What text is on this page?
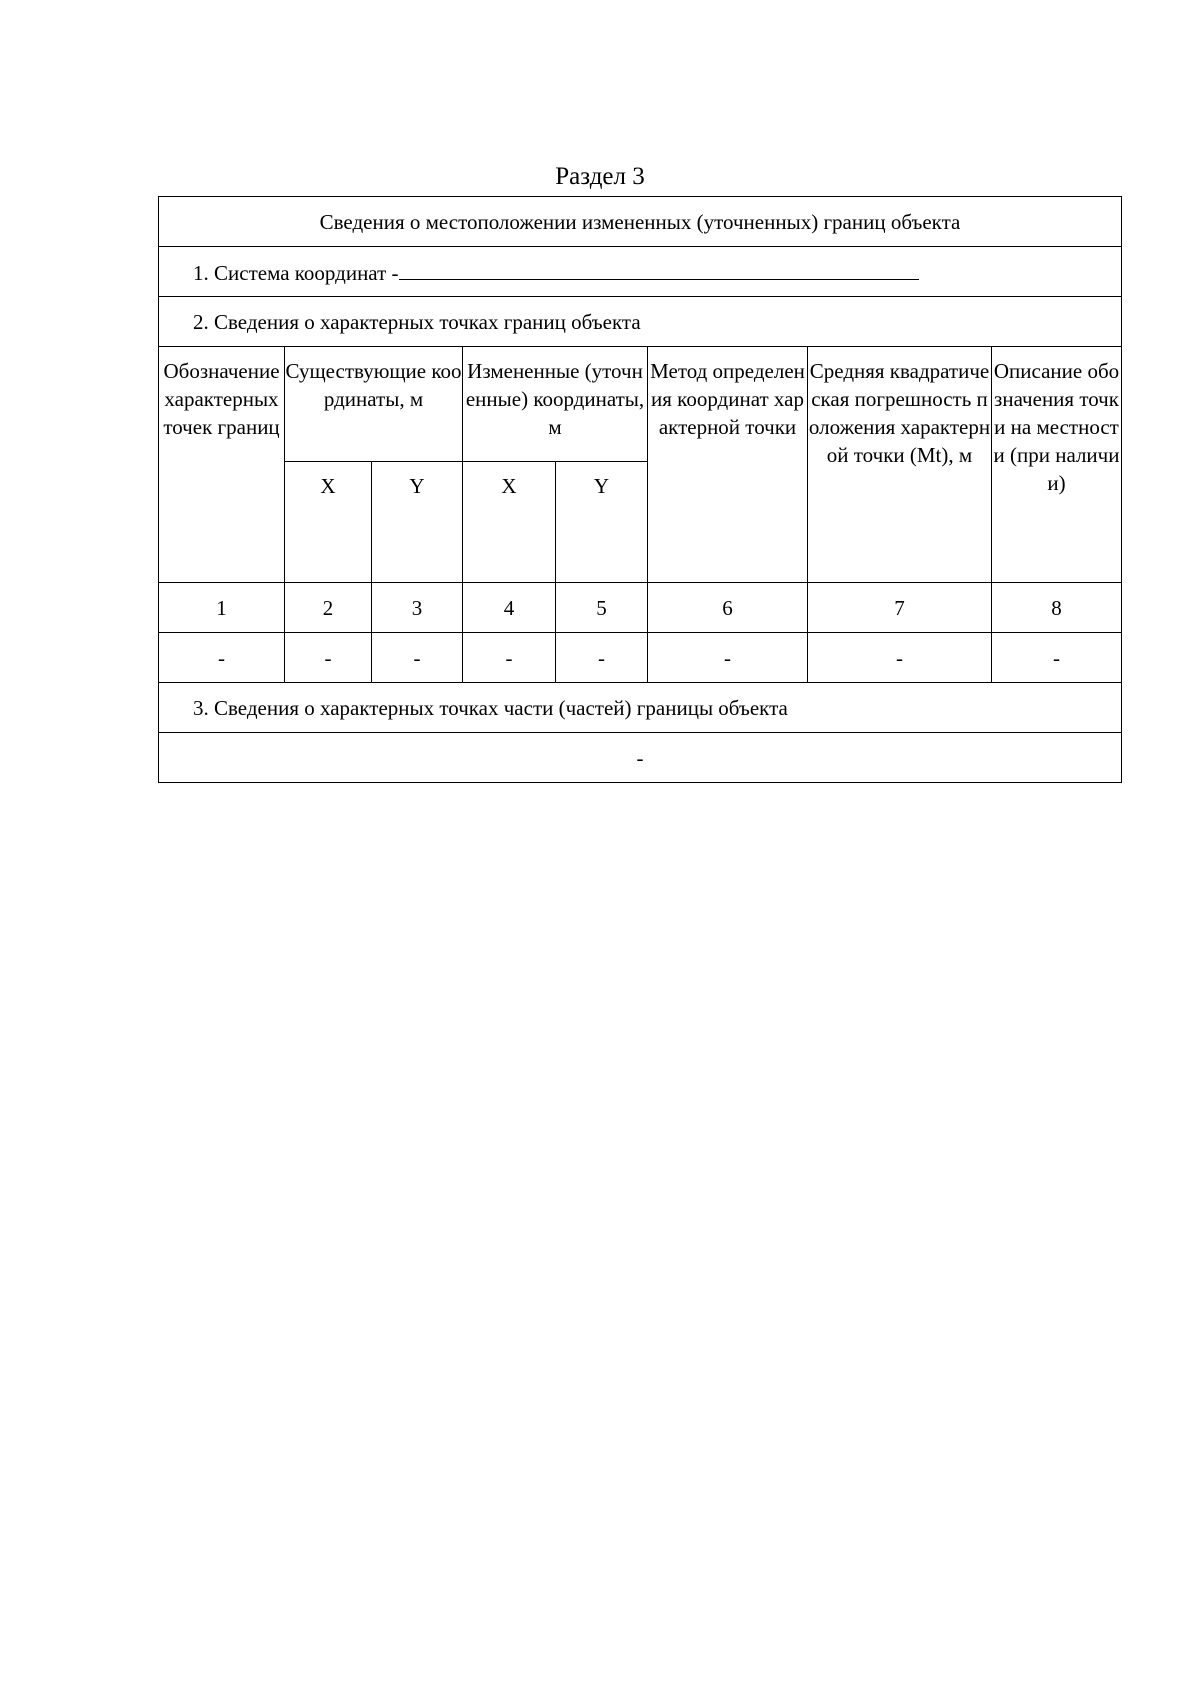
Раздел 3
Сведения о местоположении измененных (уточненных) границ объекта							
1. Система координат -							
2. Сведения о характерных точках границ объекта							
Обозначение характерных точек границ	Существующие координаты, м		Измененные (уточненные) координаты, м		Метод определения координат характерной точки	Средняя квадратическая погрешность положения характерной точки (Mt), м	Описание обозначения точки на местности (при наличии)
	X	Y	X	Y			
1	2	3	4	5	6	7	8
-	-	-	-	-	-	-	-
3. Сведения о характерных точках части (частей) границы объекта							
-							
